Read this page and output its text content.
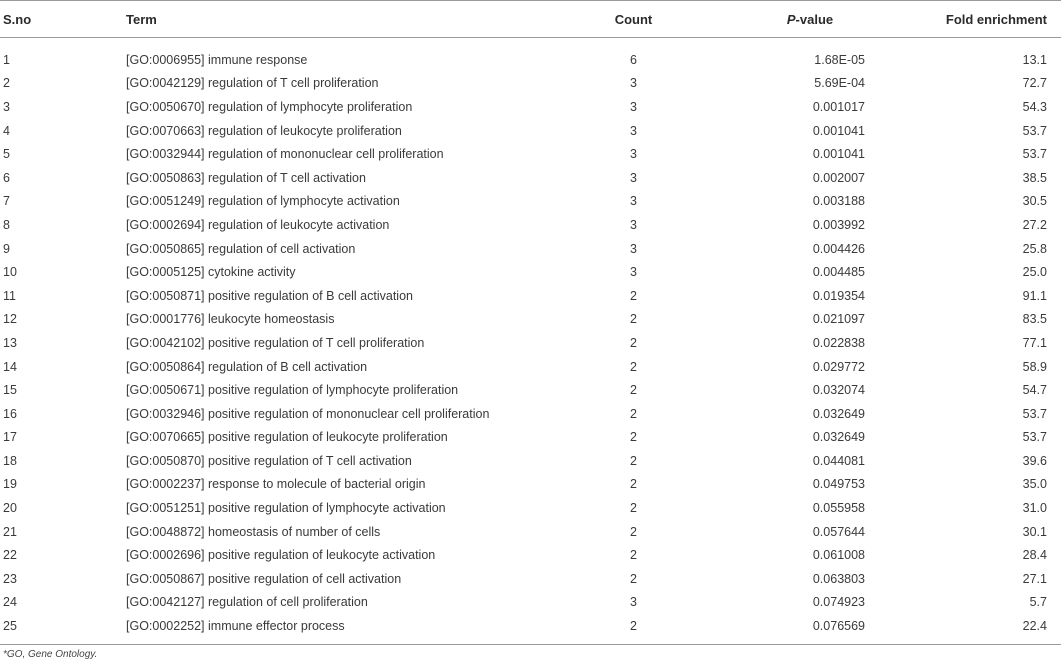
S.no	Term	Count	P-value	Fold enrichment
1	[GO:0006955] immune response	6	1.68E-05	13.1
2	[GO:0042129] regulation of T cell proliferation	3	5.69E-04	72.7
3	[GO:0050670] regulation of lymphocyte proliferation	3	0.001017	54.3
4	[GO:0070663] regulation of leukocyte proliferation	3	0.001041	53.7
5	[GO:0032944] regulation of mononuclear cell proliferation	3	0.001041	53.7
6	[GO:0050863] regulation of T cell activation	3	0.002007	38.5
7	[GO:0051249] regulation of lymphocyte activation	3	0.003188	30.5
8	[GO:0002694] regulation of leukocyte activation	3	0.003992	27.2
9	[GO:0050865] regulation of cell activation	3	0.004426	25.8
10	[GO:0005125] cytokine activity	3	0.004485	25.0
11	[GO:0050871] positive regulation of B cell activation	2	0.019354	91.1
12	[GO:0001776] leukocyte homeostasis	2	0.021097	83.5
13	[GO:0042102] positive regulation of T cell proliferation	2	0.022838	77.1
14	[GO:0050864] regulation of B cell activation	2	0.029772	58.9
15	[GO:0050671] positive regulation of lymphocyte proliferation	2	0.032074	54.7
16	[GO:0032946] positive regulation of mononuclear cell proliferation	2	0.032649	53.7
17	[GO:0070665] positive regulation of leukocyte proliferation	2	0.032649	53.7
18	[GO:0050870] positive regulation of T cell activation	2	0.044081	39.6
19	[GO:0002237] response to molecule of bacterial origin	2	0.049753	35.0
20	[GO:0051251] positive regulation of lymphocyte activation	2	0.055958	31.0
21	[GO:0048872] homeostasis of number of cells	2	0.057644	30.1
22	[GO:0002696] positive regulation of leukocyte activation	2	0.061008	28.4
23	[GO:0050867] positive regulation of cell activation	2	0.063803	27.1
24	[GO:0042127] regulation of cell proliferation	3	0.074923	5.7
25	[GO:0002252] immune effector process	2	0.076569	22.4
*GO, Gene Ontology.
